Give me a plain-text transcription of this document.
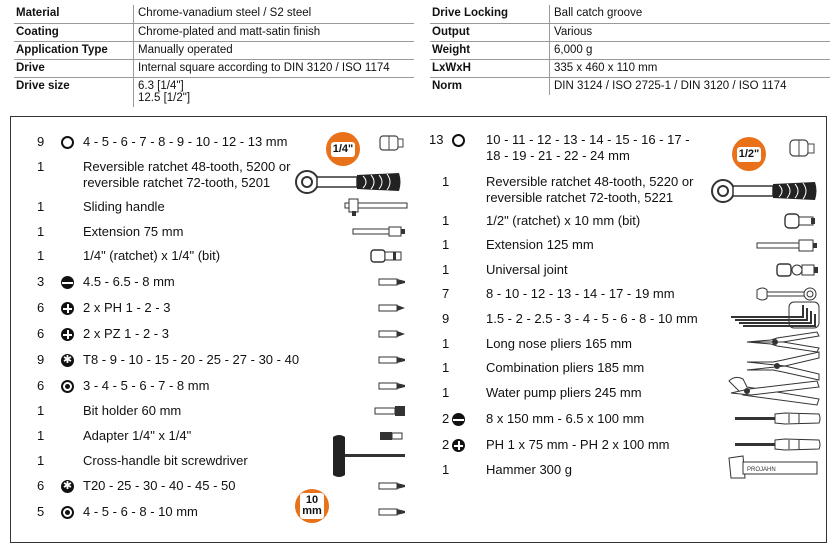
Material	Chrome-vanadium steel / S2 steel
Coating	Chrome-plated and matt-satin finish
Application Type	Manually operated
Drive	Internal square according to DIN 3120 / ISO 1174
Drive size	6.3 [1/4"]
12.5 [1/2"]
Drive Locking	Ball catch groove
Output	Various
Weight	6,000 g
LxWxH	335 x 460 x 110 mm
Norm	DIN 3124 / ISO 2725-1 / DIN 3120 / ISO 1174
9	4 - 5 - 6 - 7 - 8 - 9 - 10 - 12 - 13 mm
1	Reversible ratchet 48-tooth, 5200 or
reversible ratchet 72-tooth, 5201
1	Sliding handle
1	Extension 75 mm
1	1/4" (ratchet) x 1/4" (bit)
3	4.5 - 6.5 - 8 mm
6	2 x PH 1 - 2 - 3
6	2 x PZ 1 - 2 - 3
9 ✱	T8 - 9 - 10 - 15 - 20 - 25 - 27 - 30 - 40
6	3 - 4 - 5 - 6 - 7 - 8 mm
1	Bit holder 60 mm
1	Adapter 1/4" x 1/4"
1	Cross-handle bit screwdriver
6 ✱	T20 - 25 - 30 - 40 - 45 - 50
5	4 - 5 - 6 - 8 - 10 mm
1/4"
10
mm
13	10 - 11 - 12 - 13 - 14 - 15 - 16 - 17 -
18 - 19 - 21 - 22 - 24 mm
1	Reversible ratchet 48-tooth, 5220 or
reversible ratchet 72-tooth, 5221
1	1/2" (ratchet) x 10 mm (bit)
1	Extension 125 mm
1	Universal joint
7	8 - 10 - 12 - 13 - 14 - 17 - 19 mm
9	1.5 - 2 - 2.5 - 3 - 4 - 5 - 6 - 8 - 10 mm
1	Long nose pliers 165 mm
1	Combination pliers 185 mm
1	Water pump pliers 245 mm
2	8 x 150 mm - 6.5 x 100 mm
2	PH 1 x 75 mm - PH 2 x 100 mm
1	Hammer 300 g	PROJAHN
1/2"
